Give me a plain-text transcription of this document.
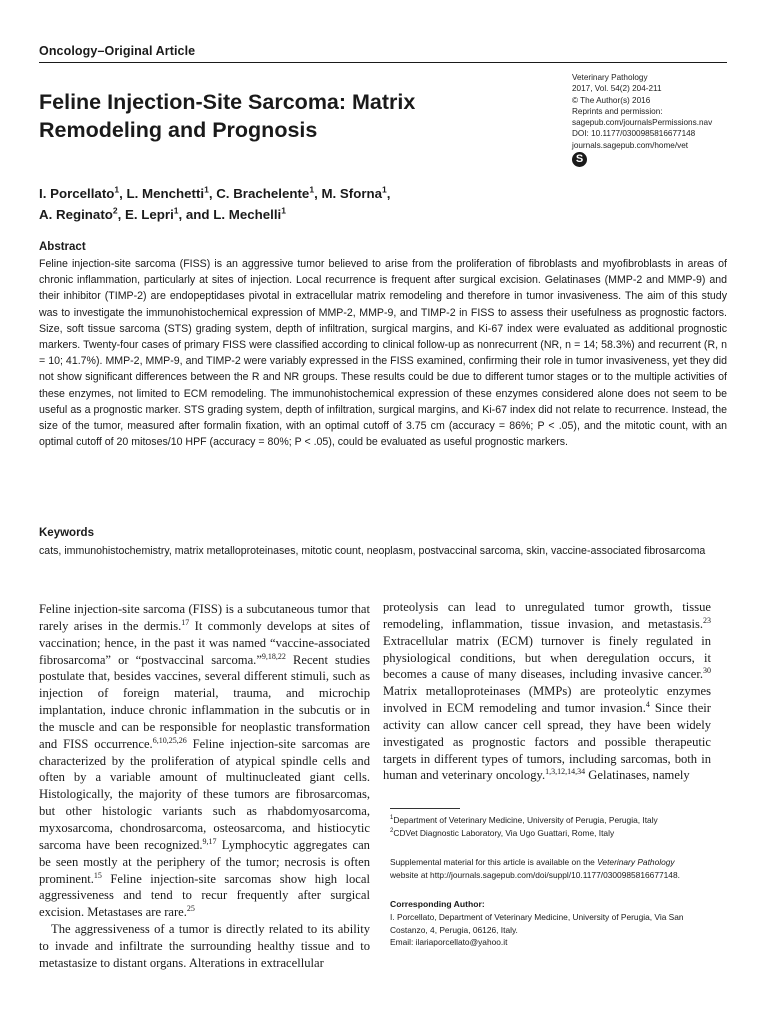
Oncology–Original Article
Veterinary Pathology
2017, Vol. 54(2) 204-211
© The Author(s) 2016
Reprints and permission:
sagepub.com/journalsPermissions.nav
DOI: 10.1177/0300985816677148
journals.sagepub.com/home/vet
S
Feline Injection-Site Sarcoma: Matrix
Remodeling and Prognosis
I. Porcellato$^1$, L. Menchetti$^1$, C. Brachelente$^1$, M. Sforna$^1$,
A. Reginato$^2$, E. Lepri$^1$, and L. Mechelli$^1$
Abstract
Feline injection-site sarcoma (FISS) is an aggressive tumor believed to arise from the proliferation of fibroblasts and myofibroblasts in areas of chronic inflammation, particularly at sites of injection. Local recurrence is frequent after surgical excision. Gelatinases (MMP-2 and MMP-9) and their inhibitor (TIMP-2) are endopeptidases pivotal in extracellular matrix remodeling and therefore in tumor invasiveness. The aim of this study was to investigate the immunohistochemical expression of MMP-2, MMP-9, and TIMP-2 in FISS to assess their usefulness as prognostic factors. Size, soft tissue sarcoma (STS) grading system, depth of infiltration, surgical margins, and Ki-67 index were evaluated as additional prognostic markers. Twenty-four cases of primary FISS were classified according to clinical follow-up as nonrecurrent (NR, n = 14; 58.3%) and recurrent (R, n = 10; 41.7%). MMP-2, MMP-9, and TIMP-2 were variably expressed in the FISS examined, confirming their role in tumor invasiveness, yet they did not show significant differences between the R and NR groups. These results could be due to different tumor stages or to the multiple activities of these enzymes, not limited to ECM remodeling. The immunohistochemical expression of these enzymes considered alone does not seem to be useful as a prognostic marker. STS grading system, depth of infiltration, surgical margins, and Ki-67 index did not relate to recurrence. Instead, the size of the tumor, measured after formalin fixation, with an optimal cutoff of 3.75 cm (accuracy = 86%; P < .05), and the mitotic count, with an optimal cutoff of 20 mitoses/10 HPF (accuracy = 80%; P < .05), could be evaluated as useful prognostic markers.
Keywords
cats, immunohistochemistry, matrix metalloproteinases, mitotic count, neoplasm, postvaccinal sarcoma, skin, vaccine-associated fibrosarcoma

Feline injection-site sarcoma (FISS) is a subcutaneous tumor that rarely arises in the dermis.$^{17}$ It commonly develops at sites of vaccination; hence, in the past it was named “vaccine-associated fibrosarcoma” or “postvaccinal sarcoma.”$^{9,18,22}$ Recent studies postulate that, besides vaccines, several different stimuli, such as injection of foreign material, trauma, and microchip implantation, induce chronic inflammation in the subcutis or in the muscle and can be responsible for neoplastic transformation and FISS occurrence.$^{6,10,25,26}$ Feline injection-site sarcomas are characterized by the proliferation of atypical spindle cells and often by a variable amount of multinucleated giant cells. Histologically, the majority of these tumors are fibrosarcomas, but other histologic variants such as rhabdomyosarcoma, myxosarcoma, chondrosarcoma, osteosarcoma, and histiocytic sarcoma have been recognized.$^{9,17}$ Lymphocytic aggregates can be seen mostly at the periphery of the tumor; necrosis is often prominent.$^{15}$ Feline injection-site sarcomas show high local aggressiveness and tend to recur frequently after surgical excision. Metastases are rare.$^{25}$

The aggressiveness of a tumor is directly related to its ability to invade and infiltrate the surrounding healthy tissue and to metastasize to distant organs. Alterations in extracellular

proteolysis can lead to unregulated tumor growth, tissue remodeling, inflammation, tissue invasion, and metastasis.$^{23}$ Extracellular matrix (ECM) turnover is finely regulated in physiological conditions, but when deregulation occurs, it becomes a cause of many diseases, including invasive cancer.$^{30}$ Matrix metalloproteinases (MMPs) are proteolytic enzymes involved in ECM remodeling and tumor invasion.$^4$ Since their activity can allow cancer cell spread, they have been widely investigated as prognostic factors and possible therapeutic targets in different types of tumors, including sarcomas, both in human and veterinary oncology.$^{1,3,12,14,34}$ Gelatinases, namely

$^1$Department of Veterinary Medicine, University of Perugia, Perugia, Italy
$^2$CDVet Diagnostic Laboratory, Via Ugo Guattari, Rome, Italy
Supplemental material for this article is available on the Veterinary Pathology
website at http://journals.sagepub.com/doi/suppl/10.1177/0300985816677148.
Corresponding Author:
I. Porcellato, Department of Veterinary Medicine, University of Perugia, Via San
Costanzo, 4, Perugia, 06126, Italy.
Email: ilariaporcellato@yahoo.it
